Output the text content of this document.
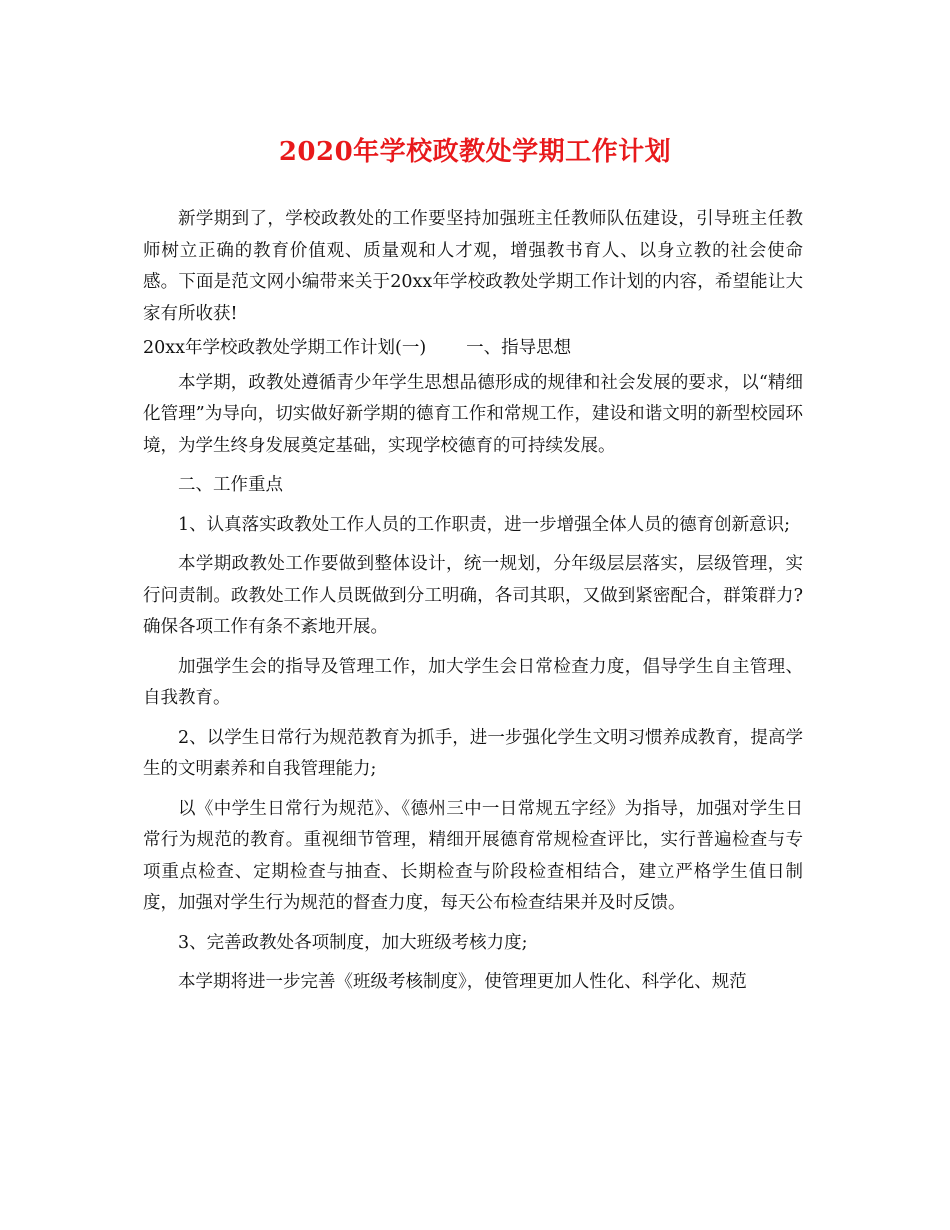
2020年学校政教处学期工作计划

新学期到了，学校政教处的工作要坚持加强班主任教师队伍建设，引导班主任教师树立正确的教育价值观、质量观和人才观，增强教书育人、以身立教的社会使命感。下面是范文网小编带来关于20xx年学校政教处学期工作计划的内容，希望能让大家有所收获!

20xx年学校政教处学期工作计划(一) 一、指导思想

本学期，政教处遵循青少年学生思想品德形成的规律和社会发展的要求，以“精细化管理”为导向，切实做好新学期的德育工作和常规工作，建设和谐文明的新型校园环境，为学生终身发展奠定基础，实现学校德育的可持续发展。

二、工作重点

1、认真落实政教处工作人员的工作职责，进一步增强全体人员的德育创新意识;

本学期政教处工作要做到整体设计，统一规划，分年级层层落实，层级管理，实行问责制。政教处工作人员既做到分工明确，各司其职，又做到紧密配合，群策群力?确保各项工作有条不紊地开展。

加强学生会的指导及管理工作，加大学生会日常检查力度，倡导学生自主管理、自我教育。

2、以学生日常行为规范教育为抓手，进一步强化学生文明习惯养成教育，提高学生的文明素养和自我管理能力;

以《中学生日常行为规范》、《德州三中一日常规五字经》为指导，加强对学生日常行为规范的教育。重视细节管理，精细开展德育常规检查评比，实行普遍检查与专项重点检查、定期检查与抽查、长期检查与阶段检查相结合，建立严格学生值日制度，加强对学生行为规范的督查力度，每天公布检查结果并及时反馈。

3、完善政教处各项制度，加大班级考核力度;

本学期将进一步完善《班级考核制度》，使管理更加人性化、科学化、规范
